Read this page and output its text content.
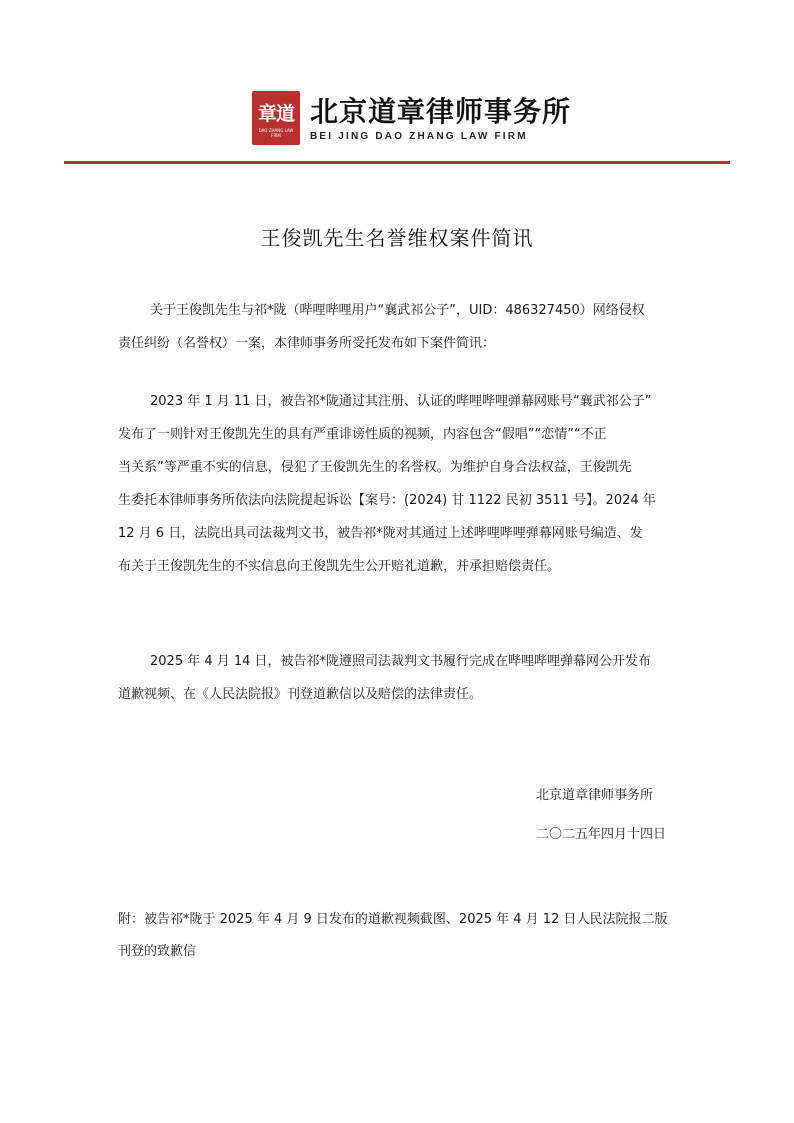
章道
DAO ZHANG LAW FIRM
北京道章律师事务所
BEI JING DAO ZHANG LAW FIRM
王俊凯先生名誉维权案件简讯

关于王俊凯先生与祁*陇（哔哩哔哩用户“襄武祁公子”，UID：486327450）网络侵权
责任纠纷（名誉权）一案，本律师事务所受托发布如下案件简讯：

2023 年 1 月 11 日，被告祁*陇通过其注册、认证的哔哩哔哩弹幕网账号“襄武祁公子”
发布了一则针对王俊凯先生的具有严重诽谤性质的视频，内容包含“假唱”“恋情”“不正
当关系”等严重不实的信息，侵犯了王俊凯先生的名誉权。为维护自身合法权益，王俊凯先
生委托本律师事务所依法向法院提起诉讼【案号：(2024) 甘 1122 民初 3511 号】。2024 年
12 月 6 日，法院出具司法裁判文书，被告祁*陇对其通过上述哔哩哔哩弹幕网账号编造、发
布关于王俊凯先生的不实信息向王俊凯先生公开赔礼道歉，并承担赔偿责任。

2025 年 4 月 14 日，被告祁*陇遵照司法裁判文书履行完成在哔哩哔哩弹幕网公开发布
道歉视频、在《人民法院报》刊登道歉信以及赔偿的法律责任。

北京道章律师事务所
二〇二五年四月十四日
附：被告祁*陇于 2025 年 4 月 9 日发布的道歉视频截图、2025 年 4 月 12 日人民法院报二版
刊登的致歉信
